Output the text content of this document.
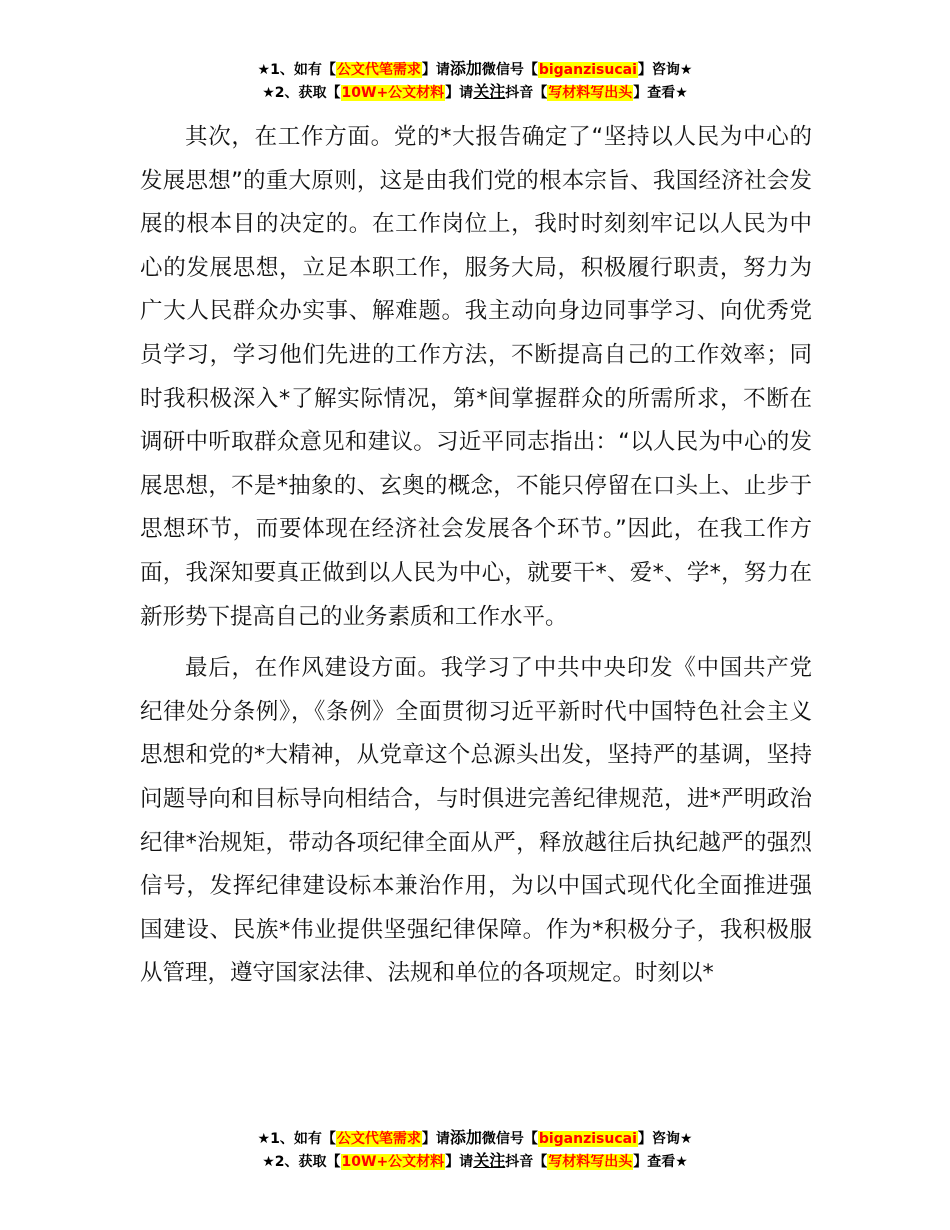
★1、如有【公文代笔需求】请添加微信号【biganzisucai】咨询★
★2、获取【10W+公文材料】请关注抖音【写材料写出头】查看★

其次，在工作方面。党的*大报告确定了“坚持以人民为中心的发展思想”的重大原则，这是由我们党的根本宗旨、我国经济社会发展的根本目的决定的。在工作岗位上，我时时刻刻牢记以人民为中心的发展思想，立足本职工作，服务大局，积极履行职责，努力为广大人民群众办实事、解难题。我主动向身边同事学习、向优秀党员学习，学习他们先进的工作方法，不断提高自己的工作效率；同时我积极深入*了解实际情况，第*间掌握群众的所需所求，不断在调研中听取群众意见和建议。习近平同志指出：“以人民为中心的发展思想，不是*抽象的、玄奥的概念，不能只停留在口头上、止步于思想环节，而要体现在经济社会发展各个环节。”因此，在我工作方面，我深知要真正做到以人民为中心，就要干*、爱*、学*，努力在新形势下提高自己的业务素质和工作水平。

最后，在作风建设方面。我学习了中共中央印发《中国共产党纪律处分条例》，《条例》全面贯彻习近平新时代中国特色社会主义思想和党的*大精神，从党章这个总源头出发，坚持严的基调，坚持问题导向和目标导向相结合，与时俱进完善纪律规范，进*严明政治纪律*治规矩，带动各项纪律全面从严，释放越往后执纪越严的强烈信号，发挥纪律建设标本兼治作用，为以中国式现代化全面推进强国建设、民族*伟业提供坚强纪律保障。作为*积极分子，我积极服从管理，遵守国家法律、法规和单位的各项规定。时刻以*

★1、如有【公文代笔需求】请添加微信号【biganzisucai】咨询★
★2、获取【10W+公文材料】请关注抖音【写材料写出头】查看★
